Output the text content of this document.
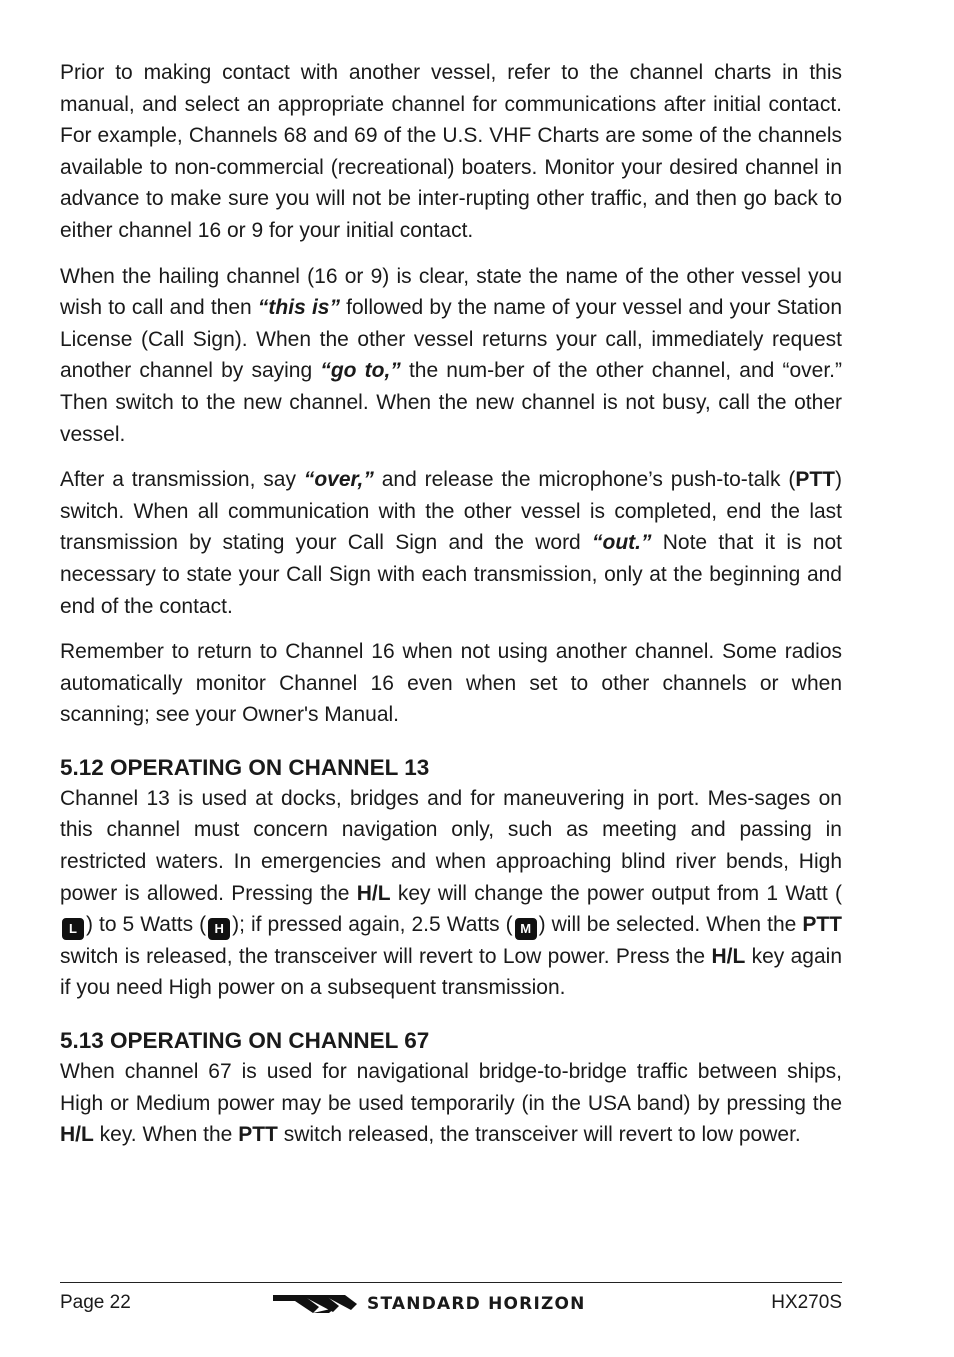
Prior to making contact with another vessel, refer to the channel charts in this manual, and select an appropriate channel for communications after initial contact. For example, Channels 68 and 69 of the U.S. VHF Charts are some of the channels available to non-commercial (recreational) boaters. Monitor your desired channel in advance to make sure you will not be inter-rupting other traffic, and then go back to either channel 16 or 9 for your initial contact.

When the hailing channel (16 or 9) is clear, state the name of the other vessel you wish to call and then “this is” followed by the name of your vessel and your Station License (Call Sign). When the other vessel returns your call, immediately request another channel by saying “go to,” the num-ber of the other channel, and “over.” Then switch to the new channel. When the new channel is not busy, call the other vessel.

After a transmission, say “over,” and release the microphone’s push-to-talk (PTT) switch. When all communication with the other vessel is completed, end the last transmission by stating your Call Sign and the word “out.” Note that it is not necessary to state your Call Sign with each transmission, only at the beginning and end of the contact.

Remember to return to Channel 16 when not using another channel. Some radios automatically monitor Channel 16 even when set to other channels or when scanning; see your Owner's Manual.

5.12 OPERATING ON CHANNEL 13

Channel 13 is used at docks, bridges and for maneuvering in port. Mes-sages on this channel must concern navigation only, such as meeting and passing in restricted waters. In emergencies and when approaching blind river bends, High power is allowed. Pressing the H/L key will change the power output from 1 Watt (
L ) to 5 Watts ( H ); if pressed again, 2.5 Watts ( M ) will be selected. When the PTT switch is released, the transceiver will revert to Low power. Press the H/L key again if you need High power on a subsequent transmission.

5.13 OPERATING ON CHANNEL 67

When channel 67 is used for navigational bridge-to-bridge traffic between ships, High or Medium power may be used temporarily (in the USA band) by pressing the H/L key. When the PTT switch released, the transceiver will revert to low power.

Page 22	STANDARD HORIZON	HX270S
